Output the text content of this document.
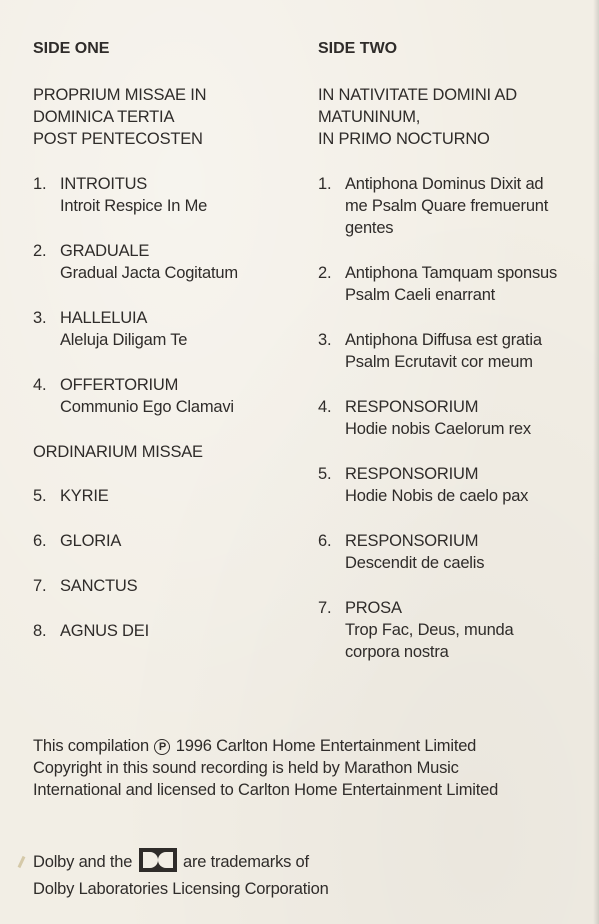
SIDE ONE
PROPRIUM MISSAE IN
DOMINICA TERTIA
POST PENTECOSTEN
1. INTROITUS
Introit Respice In Me
2. GRADUALE
Gradual Jacta Cogitatum
3. HALLELUIA
Aleluja Diligam Te
4. OFFERTORIUM
Communio Ego Clamavi
ORDINARIUM MISSAE
5. KYRIE
6. GLORIA
7. SANCTUS
8. AGNUS DEI
SIDE TWO
IN NATIVITATE DOMINI AD
MATUNINUM,
IN PRIMO NOCTURNO
1. Antiphona Dominus Dixit ad
me Psalm Quare fremuerunt
gentes
2. Antiphona Tamquam sponsus
Psalm Caeli enarrant
3. Antiphona Diffusa est gratia
Psalm Ecrutavit cor meum
4. RESPONSORIUM
Hodie nobis Caelorum rex
5. RESPONSORIUM
Hodie Nobis de caelo pax
6. RESPONSORIUM
Descendit de caelis
7. PROSA
Trop Fac, Deus, munda
corpora nostra
This compilation P 1996 Carlton Home Entertainment Limited
Copyright in this sound recording is held by Marathon Music
International and licensed to Carlton Home Entertainment Limited
Dolby and the	are trademarks of
Dolby Laboratories Licensing Corporation
